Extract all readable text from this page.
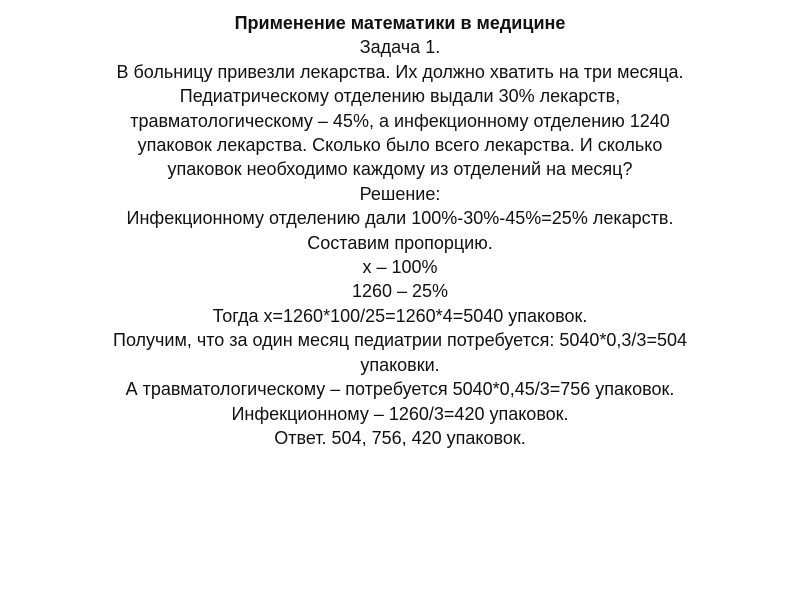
Применение математики в медицине
Задача 1.
В больницу привезли лекарства. Их должно хватить на три месяца.
Педиатрическому отделению выдали 30% лекарств,
травматологическому – 45%, а инфекционному отделению 1240
упаковок лекарства. Сколько было всего лекарства. И сколько
упаковок необходимо каждому из отделений на месяц?
Решение:
Инфекционному отделению дали 100%-30%-45%=25% лекарств.
Составим пропорцию.
х – 100%
1260 – 25%
Тогда х=1260*100/25=1260*4=5040 упаковок.
Получим, что за один месяц педиатрии потребуется: 5040*0,3/3=504
упаковки.
А травматологическому – потребуется 5040*0,45/3=756 упаковок.
Инфекционному – 1260/3=420 упаковок.
Ответ. 504, 756, 420 упаковок.
